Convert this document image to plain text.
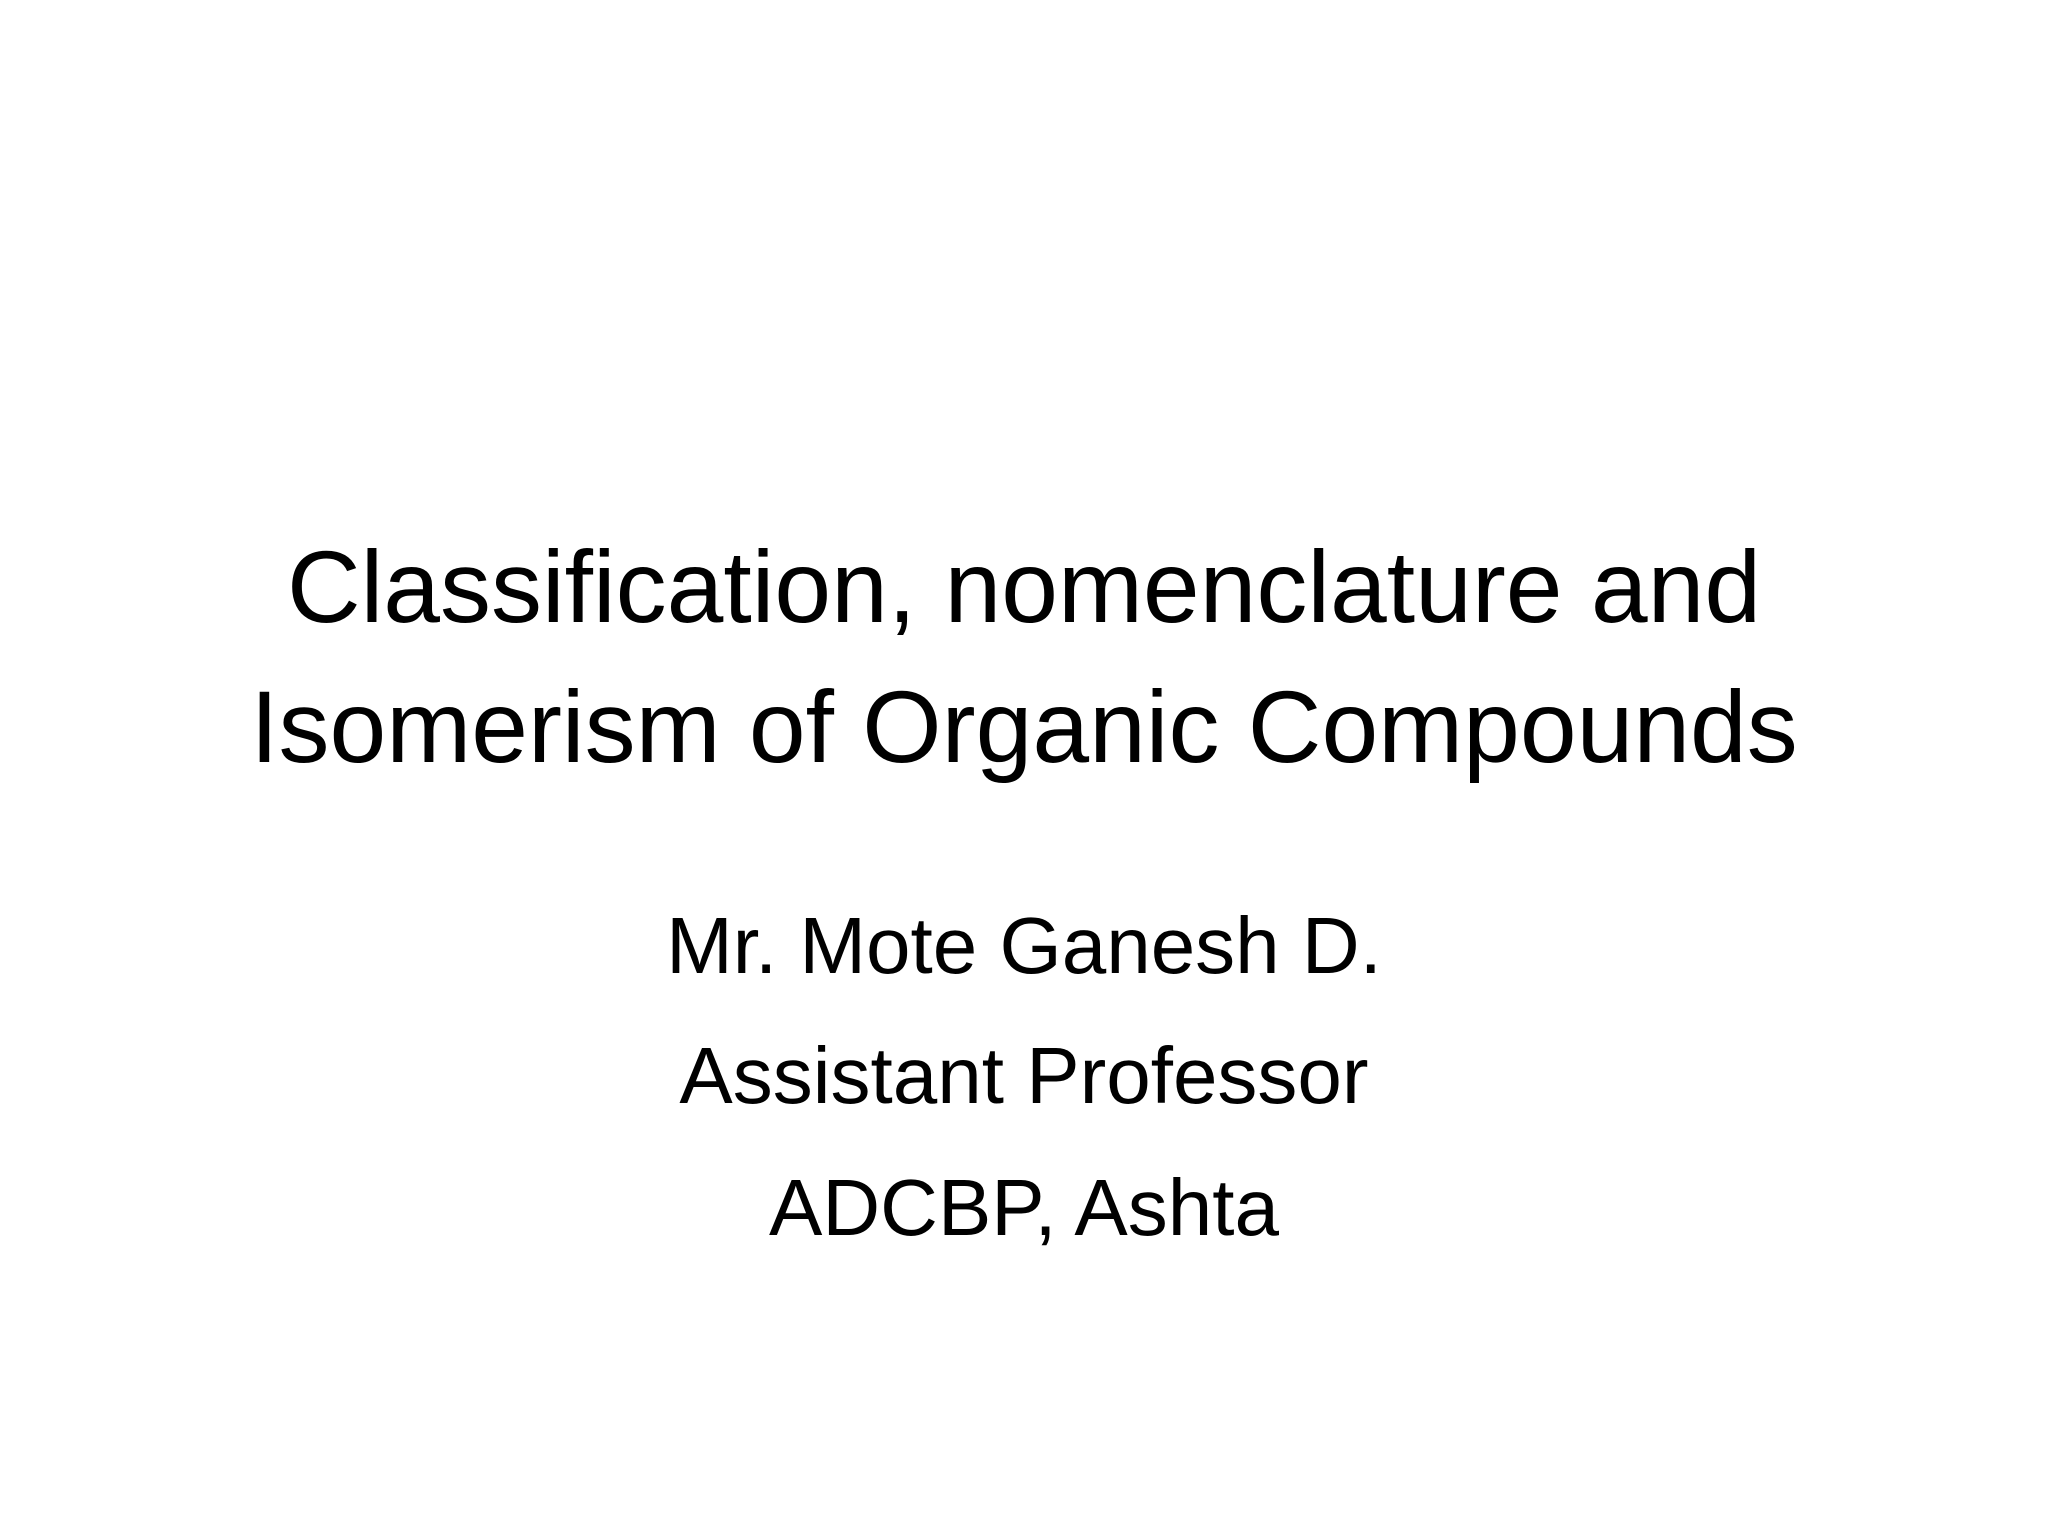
Classification, nomenclature and
Isomerism of Organic Compounds
Mr. Mote Ganesh D.
Assistant Professor
ADCBP, Ashta
